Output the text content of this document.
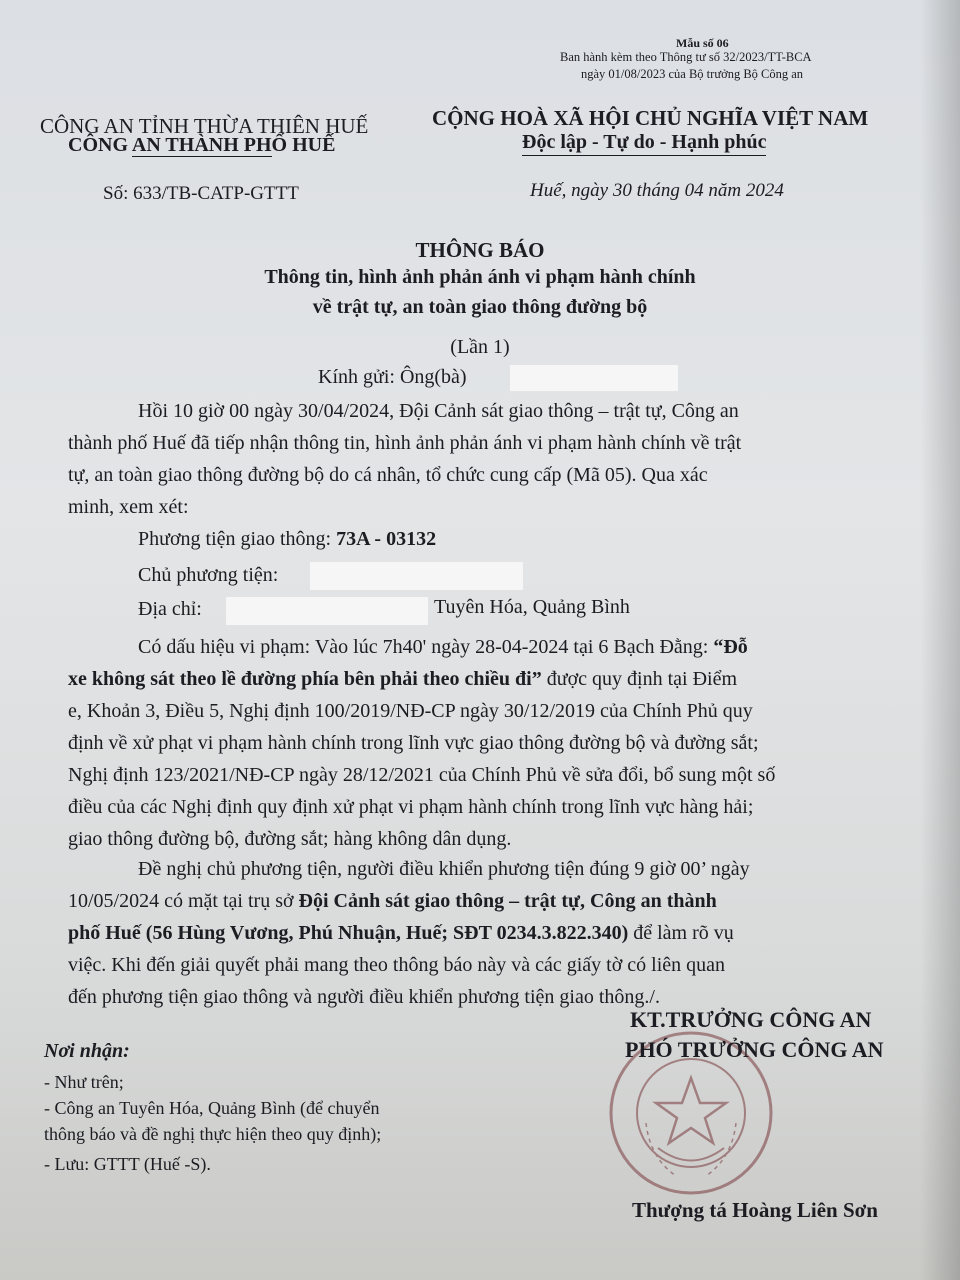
Mẫu số 06
Ban hành kèm theo Thông tư số 32/2023/TT-BCA
ngày 01/08/2023 của Bộ trưởng Bộ Công an
CÔNG AN TỈNH THỪA THIÊN HUẾ
CÔNG AN THÀNH PHỐ HUẾ
CỘNG HOÀ XÃ HỘI CHỦ NGHĨA VIỆT NAM
Độc lập - Tự do - Hạnh phúc
Số: 633/TB-CATP-GTTT	Huế, ngày 30 tháng 04 năm 2024
THÔNG BÁO
Thông tin, hình ảnh phản ánh vi phạm hành chính
về trật tự, an toàn giao thông đường bộ
(Lần 1)
Kính gửi: Ông(bà)
Hồi 10 giờ 00 ngày 30/04/2024, Đội Cảnh sát giao thông – trật tự, Công an
thành phố Huế đã tiếp nhận thông tin, hình ảnh phản ánh vi phạm hành chính về trật
tự, an toàn giao thông đường bộ do cá nhân, tổ chức cung cấp (Mã 05). Qua xác
minh, xem xét:
Phương tiện giao thông: 73A - 03132
Chủ phương tiện:
Địa chỉ:	Tuyên Hóa, Quảng Bình
Có dấu hiệu vi phạm: Vào lúc 7h40' ngày 28-04-2024 tại 6 Bạch Đằng: “Đỗ
xe không sát theo lề đường phía bên phải theo chiều đi” được quy định tại Điểm
e, Khoản 3, Điều 5, Nghị định 100/2019/NĐ-CP ngày 30/12/2019 của Chính Phủ quy
định về xử phạt vi phạm hành chính trong lĩnh vực giao thông đường bộ và đường sắt;
Nghị định 123/2021/NĐ-CP ngày 28/12/2021 của Chính Phủ về sửa đổi, bổ sung một số
điều của các Nghị định quy định xử phạt vi phạm hành chính trong lĩnh vực hàng hải;
giao thông đường bộ, đường sắt; hàng không dân dụng.
Đề nghị chủ phương tiện, người điều khiển phương tiện đúng 9 giờ 00’ ngày
10/05/2024 có mặt tại trụ sở Đội Cảnh sát giao thông – trật tự, Công an thành
phố Huế (56 Hùng Vương, Phú Nhuận, Huế; SĐT 0234.3.822.340) để làm rõ vụ
việc. Khi đến giải quyết phải mang theo thông báo này và các giấy tờ có liên quan
đến phương tiện giao thông và người điều khiển phương tiện giao thông./.
Nơi nhận:
- Như trên;
- Công an Tuyên Hóa, Quảng Bình (để chuyển
thông báo và đề nghị thực hiện theo quy định);
- Lưu: GTTT (Huế -S).
KT.TRƯỞNG CÔNG AN
PHÓ TRƯỞNG CÔNG AN
Thượng tá Hoàng Liên Sơn
